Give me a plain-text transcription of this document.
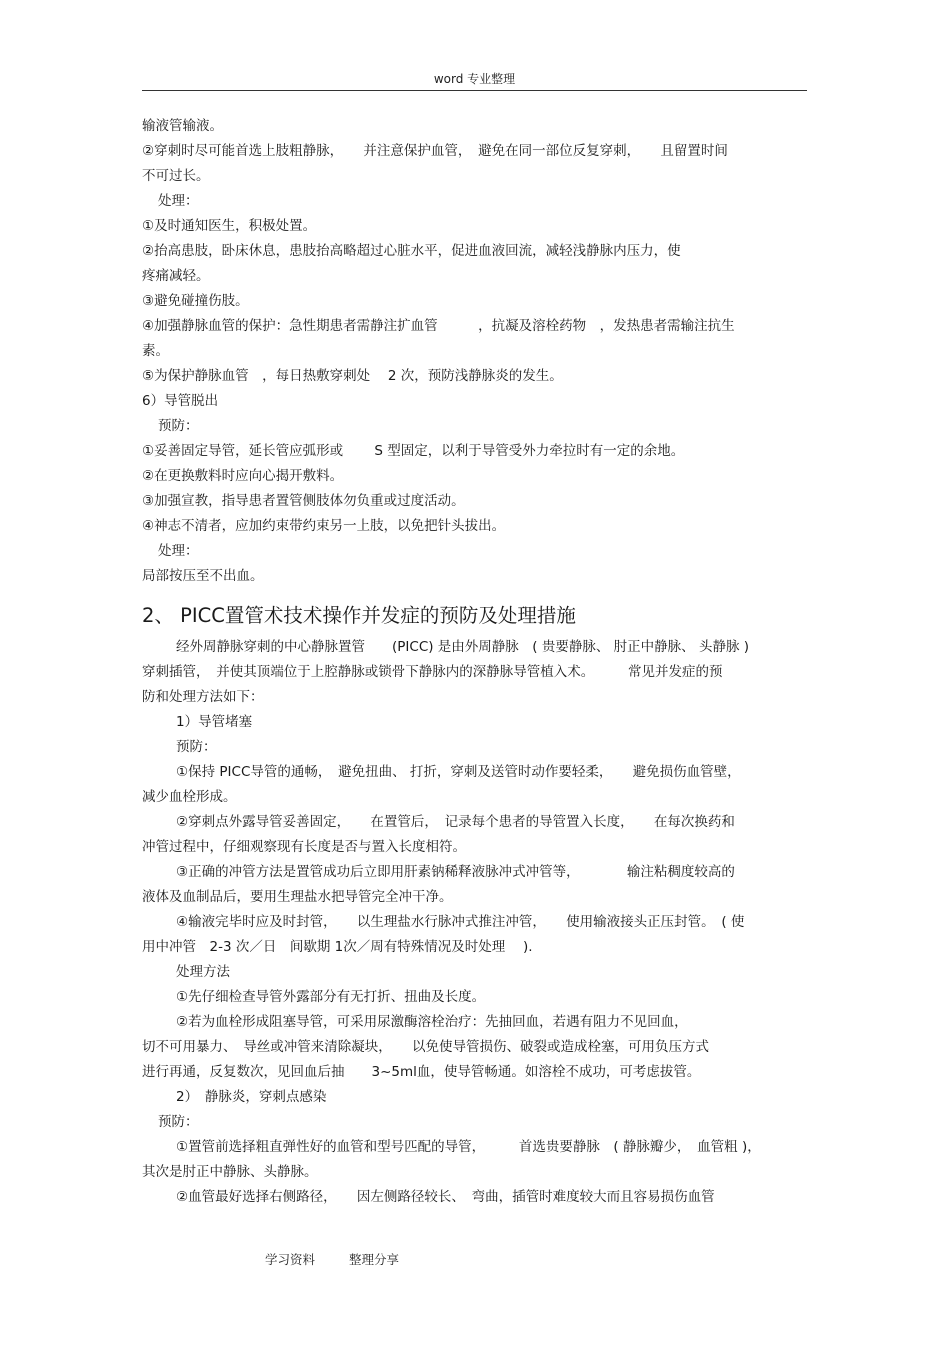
word 专业整理
输液管输液。
②穿刺时尽可能首选上肢粗静脉，　　并注意保护血管，　避免在同一部位反复穿刺，　　且留置时间
不可过长。
处理：
①及时通知医生，积极处置。
②抬高患肢，卧床休息，患肢抬高略超过心脏水平，促进血液回流，减轻浅静脉内压力，使
疼痛减轻。
③避免碰撞伤肢。
④加强静脉血管的保护：急性期患者需静注扩血管　　　，抗凝及溶栓药物　，发热患者需输注抗生
素。
⑤为保护静脉血管　，每日热敷穿刺处　 2 次，预防浅静脉炎的发生。
6）导管脱出
预防：
①妥善固定导管，延长管应弧形或　　 S 型固定，以利于导管受外力牵拉时有一定的余地。
②在更换敷料时应向心揭开敷料。
③加强宣教，指导患者置管侧肢体勿负重或过度活动。
④神志不清者，应加约束带约束另一上肢，以免把针头拔出。
处理：
局部按压至不出血。
2、 PICC置管术技术操作并发症的预防及处理措施
经外周静脉穿刺的中心静脉置管　　(PICC) 是由外周静脉　( 贵要静脉、 肘正中静脉、 头静脉 )
穿刺插管，　并使其顶端位于上腔静脉或锁骨下静脉内的深静脉导管植入术。　　　常见并发症的预
防和处理方法如下：
1）导管堵塞
预防：
①保持 PICC导管的通畅，　避免扭曲、 打折，穿刺及送管时动作要轻柔，　　避免损伤血管壁，
减少血栓形成。
②穿刺点外露导管妥善固定，　　在置管后，　记录每个患者的导管置入长度，　　在每次换药和
冲管过程中，仔细观察现有长度是否与置入长度相符。
③正确的冲管方法是置管成功后立即用肝素钠稀释液脉冲式冲管等，　　　　输注粘稠度较高的
液体及血制品后，要用生理盐水把导管完全冲干净。
④输液完毕时应及时封管，　　以生理盐水行脉冲式推注冲管，　　使用输液接头正压封管。　( 使
用中冲管　2-3 次／日　间歇期 1次／周有特殊情况及时处理　 ).
处理方法
①先仔细检查导管外露部分有无打折、扭曲及长度。
②若为血栓形成阻塞导管，可采用尿激酶溶栓治疗：先抽回血，若遇有阻力不见回血，
切不可用暴力、　导丝或冲管来清除凝块，　　以免使导管损伤、破裂或造成栓塞，可用负压方式
进行再通，反复数次，见回血后抽　　3~5ml血，使导管畅通。如溶栓不成功，可考虑拔管。
2）　静脉炎，穿刺点感染
预防：
①置管前选择粗直弹性好的血管和型号匹配的导管，　　　首选贵要静脉　( 静脉瓣少，　血管粗 )，
其次是肘正中静脉、头静脉。
②血管最好选择右侧路径，　　因左侧路径较长、　弯曲，插管时难度较大而且容易损伤血管
学习资料	整理分享
